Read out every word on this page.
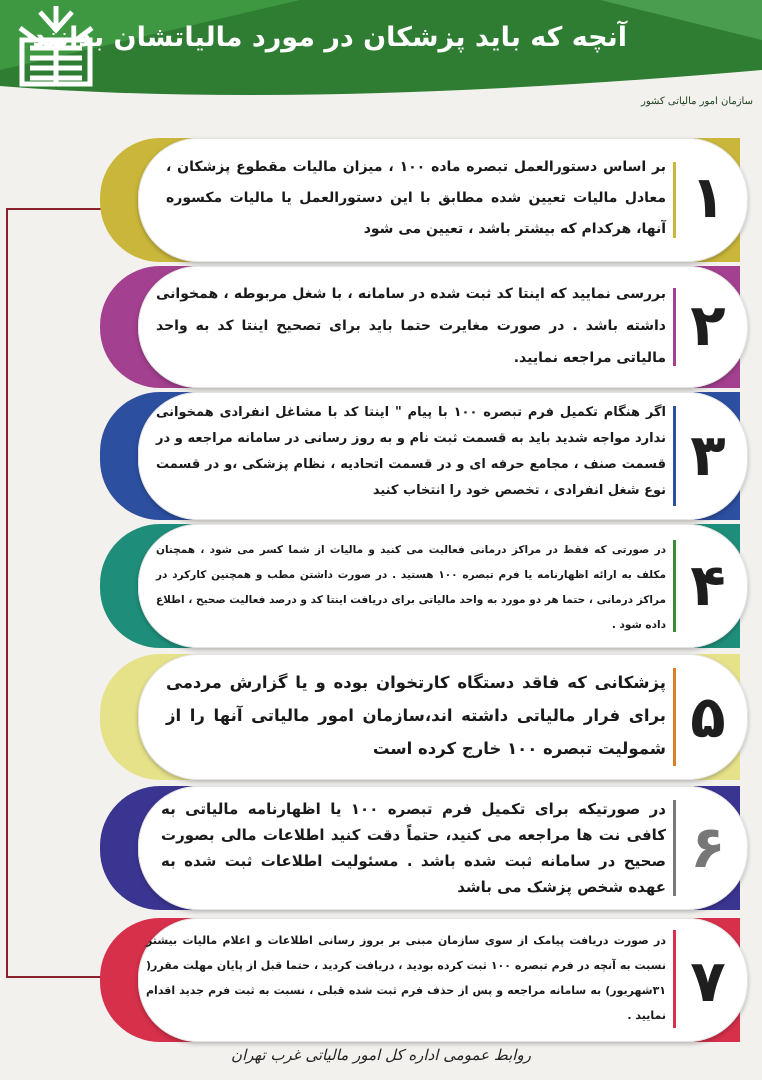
آنچه که باید پزشکان در مورد مالیاتشان بدانند
سازمان امور مالیاتی کشور
۱
بر اساس دستورالعمل تبصره ماده ۱۰۰ ، میزان مالیات مقطوع پزشکان ، معادل مالیات تعیین شده مطابق با این دستورالعمل یا مالیات مکسوره آنها، هرکدام که بیشتر باشد ، تعیین می شود
۲
بررسی نمایید که اینتا کد ثبت شده در سامانه ، با شغل مربوطه ، همخوانی داشته باشد . در صورت مغایرت حتما باید برای تصحیح اینتا کد به واحد مالیاتی مراجعه نمایید.
۳
اگر هنگام تکمیل فرم تبصره ۱۰۰ با پیام " اینتا کد با مشاغل انفرادی همخوانی ندارد مواجه شدید باید به قسمت ثبت نام و به روز رسانی در سامانه مراجعه و در قسمت صنف ، مجامع حرفه ای و در قسمت اتحادیه ، نظام پزشکی ،و در قسمت نوع شغل انفرادی ، تخصص خود را انتخاب کنید
۴
در صورتی که فقط در مراکز درمانی فعالیت می کنید و مالیات از شما کسر می شود ، همچنان مکلف به ارائه اظهارنامه یا فرم تبصره ۱۰۰ هستید . در صورت داشتن مطب و همچنین کارکرد در مراکز درمانی ، حتما هر دو مورد به واحد مالیاتی برای دریافت اینتا کد و درصد فعالیت صحیح ، اطلاع داده شود .
۵
پزشکانی که فاقد دستگاه کارتخوان بوده و یا گزارش مردمی برای فرار مالیاتی داشته اند،سازمان امور مالیاتی آنها را از شمولیت تبصره ۱۰۰ خارج کرده است
۶
در صورتیکه برای تکمیل فرم تبصره ۱۰۰ یا اظهارنامه مالیاتی به کافی نت ها مراجعه می کنید، حتماً دقت کنید اطلاعات مالی بصورت صحیح در سامانه ثبت شده باشد . مسئولیت اطلاعات ثبت شده به عهده شخص پزشک می باشد
۷
در صورت دریافت پیامک از سوی سازمان مبنی بر بروز رسانی اطلاعات و اعلام مالیات بیشتر نسبت به آنچه در فرم تبصره ۱۰۰ ثبت کرده بودید ، دریافت کردید ، حتما قبل از پایان مهلت مقرر( ۳۱شهریور) به سامانه مراجعه و پس از حذف فرم ثبت شده قبلی ، نسبت به ثبت فرم جدید اقدام نمایید .
روابط عمومی اداره کل امور مالیاتی غرب تهران
